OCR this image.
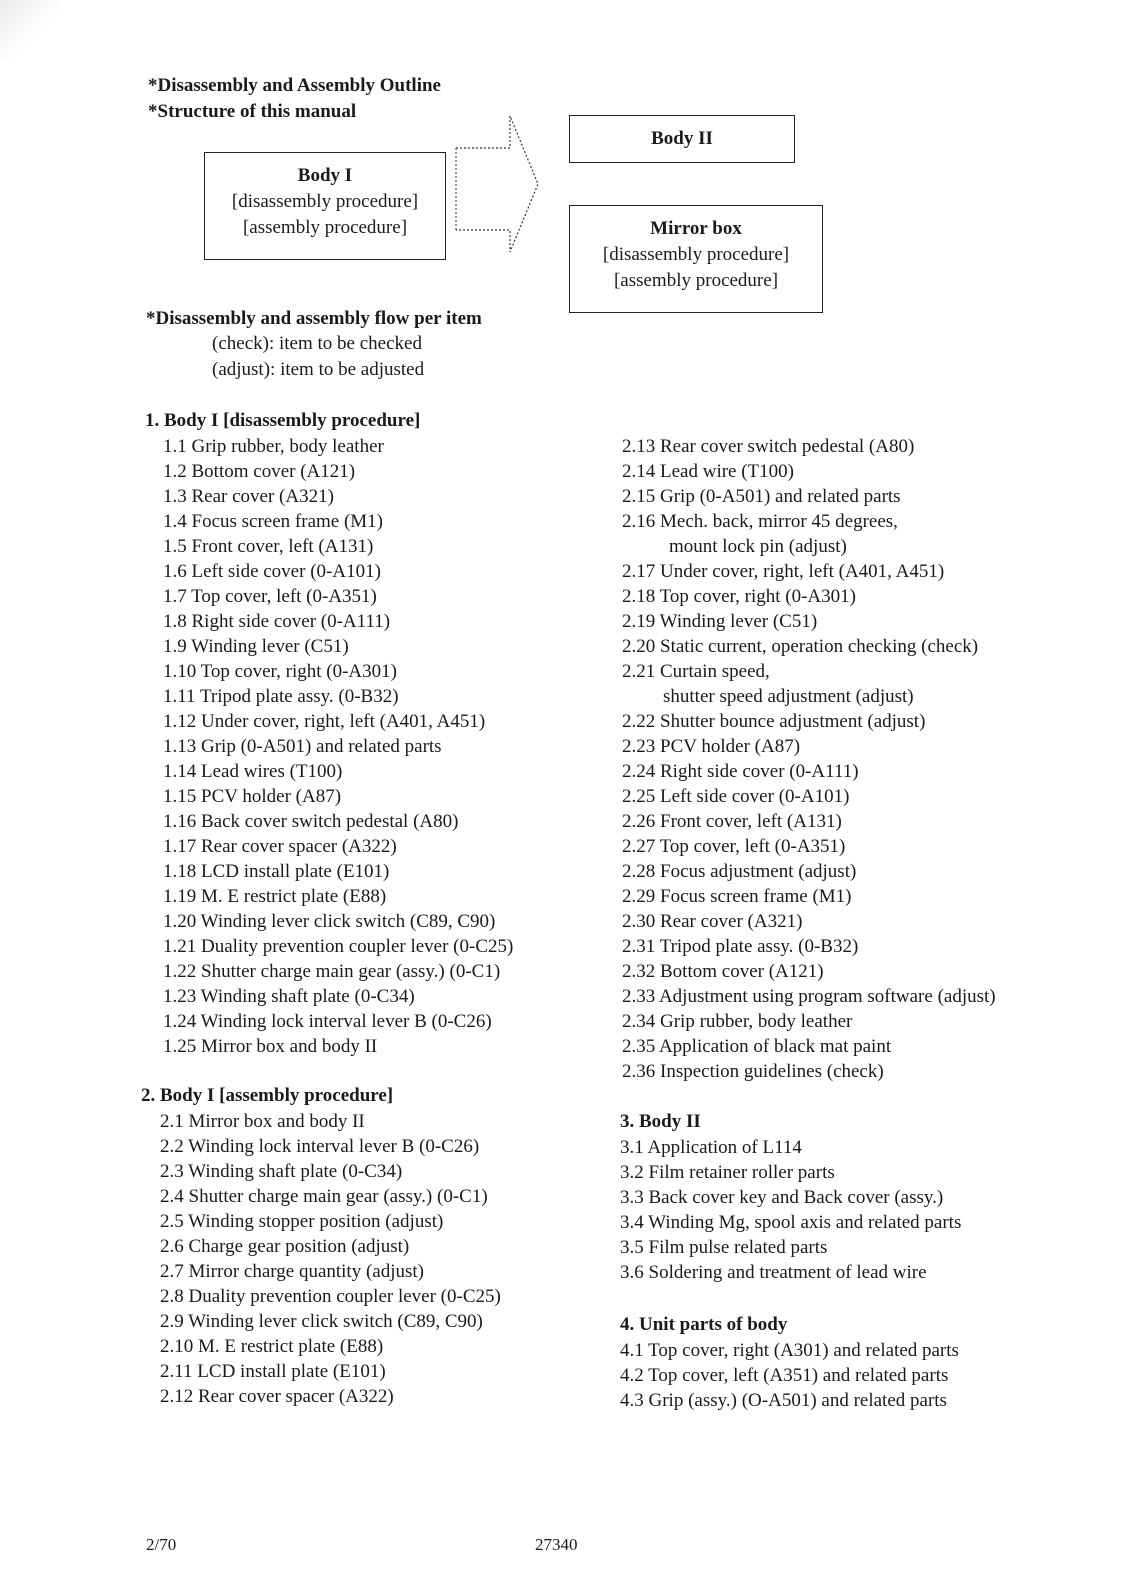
*Disassembly and Assembly Outline
*Structure of this manual
Body I
[disassembly procedure]
[assembly procedure]
Body II
Mirror box
[disassembly procedure]
[assembly procedure]
*Disassembly and assembly flow per item
(check): item to be checked
(adjust): item to be adjusted
1. Body I [disassembly procedure]
1.1 Grip rubber, body leather
1.2 Bottom cover (A121)
1.3 Rear cover (A321)
1.4 Focus screen frame (M1)
1.5 Front cover, left (A131)
1.6 Left side cover (0-A101)
1.7 Top cover, left (0-A351)
1.8 Right side cover (0-A111)
1.9 Winding lever (C51)
1.10 Top cover, right (0-A301)
1.11 Tripod plate assy. (0-B32)
1.12 Under cover, right, left (A401, A451)
1.13 Grip (0-A501) and related parts
1.14 Lead wires (T100)
1.15 PCV holder (A87)
1.16 Back cover switch pedestal (A80)
1.17 Rear cover spacer (A322)
1.18 LCD install plate (E101)
1.19 M. E restrict plate (E88)
1.20 Winding lever click switch (C89, C90)
1.21 Duality prevention coupler lever (0-C25)
1.22 Shutter charge main gear (assy.) (0-C1)
1.23 Winding shaft plate (0-C34)
1.24 Winding lock interval lever B (0-C26)
1.25 Mirror box and body II
2. Body I [assembly procedure]
2.1 Mirror box and body II
2.2 Winding lock interval lever B (0-C26)
2.3 Winding shaft plate (0-C34)
2.4 Shutter charge main gear (assy.) (0-C1)
2.5 Winding stopper position (adjust)
2.6 Charge gear position (adjust)
2.7 Mirror charge quantity (adjust)
2.8 Duality prevention coupler lever (0-C25)
2.9 Winding lever click switch (C89, C90)
2.10 M. E restrict plate (E88)
2.11 LCD install plate (E101)
2.12 Rear cover spacer (A322)
2.13 Rear cover switch pedestal (A80)
2.14 Lead wire (T100)
2.15 Grip (0-A501) and related parts
2.16 Mech. back, mirror 45 degrees,
mount lock pin (adjust)
2.17 Under cover, right, left (A401, A451)
2.18 Top cover, right (0-A301)
2.19 Winding lever (C51)
2.20 Static current, operation checking (check)
2.21 Curtain speed,
shutter speed adjustment (adjust)
2.22 Shutter bounce adjustment (adjust)
2.23 PCV holder (A87)
2.24 Right side cover (0-A111)
2.25 Left side cover (0-A101)
2.26 Front cover, left (A131)
2.27 Top cover, left (0-A351)
2.28 Focus adjustment (adjust)
2.29 Focus screen frame (M1)
2.30 Rear cover (A321)
2.31 Tripod plate assy. (0-B32)
2.32 Bottom cover (A121)
2.33 Adjustment using program software (adjust)
2.34 Grip rubber, body leather
2.35 Application of black mat paint
2.36 Inspection guidelines (check)
3. Body II
3.1 Application of L114
3.2 Film retainer roller parts
3.3 Back cover key and Back cover (assy.)
3.4 Winding Mg, spool axis and related parts
3.5 Film pulse related parts
3.6 Soldering and treatment of lead wire
4. Unit parts of body
4.1 Top cover, right (A301) and related parts
4.2 Top cover, left (A351) and related parts
4.3 Grip (assy.) (O-A501) and related parts
2/70	27340
